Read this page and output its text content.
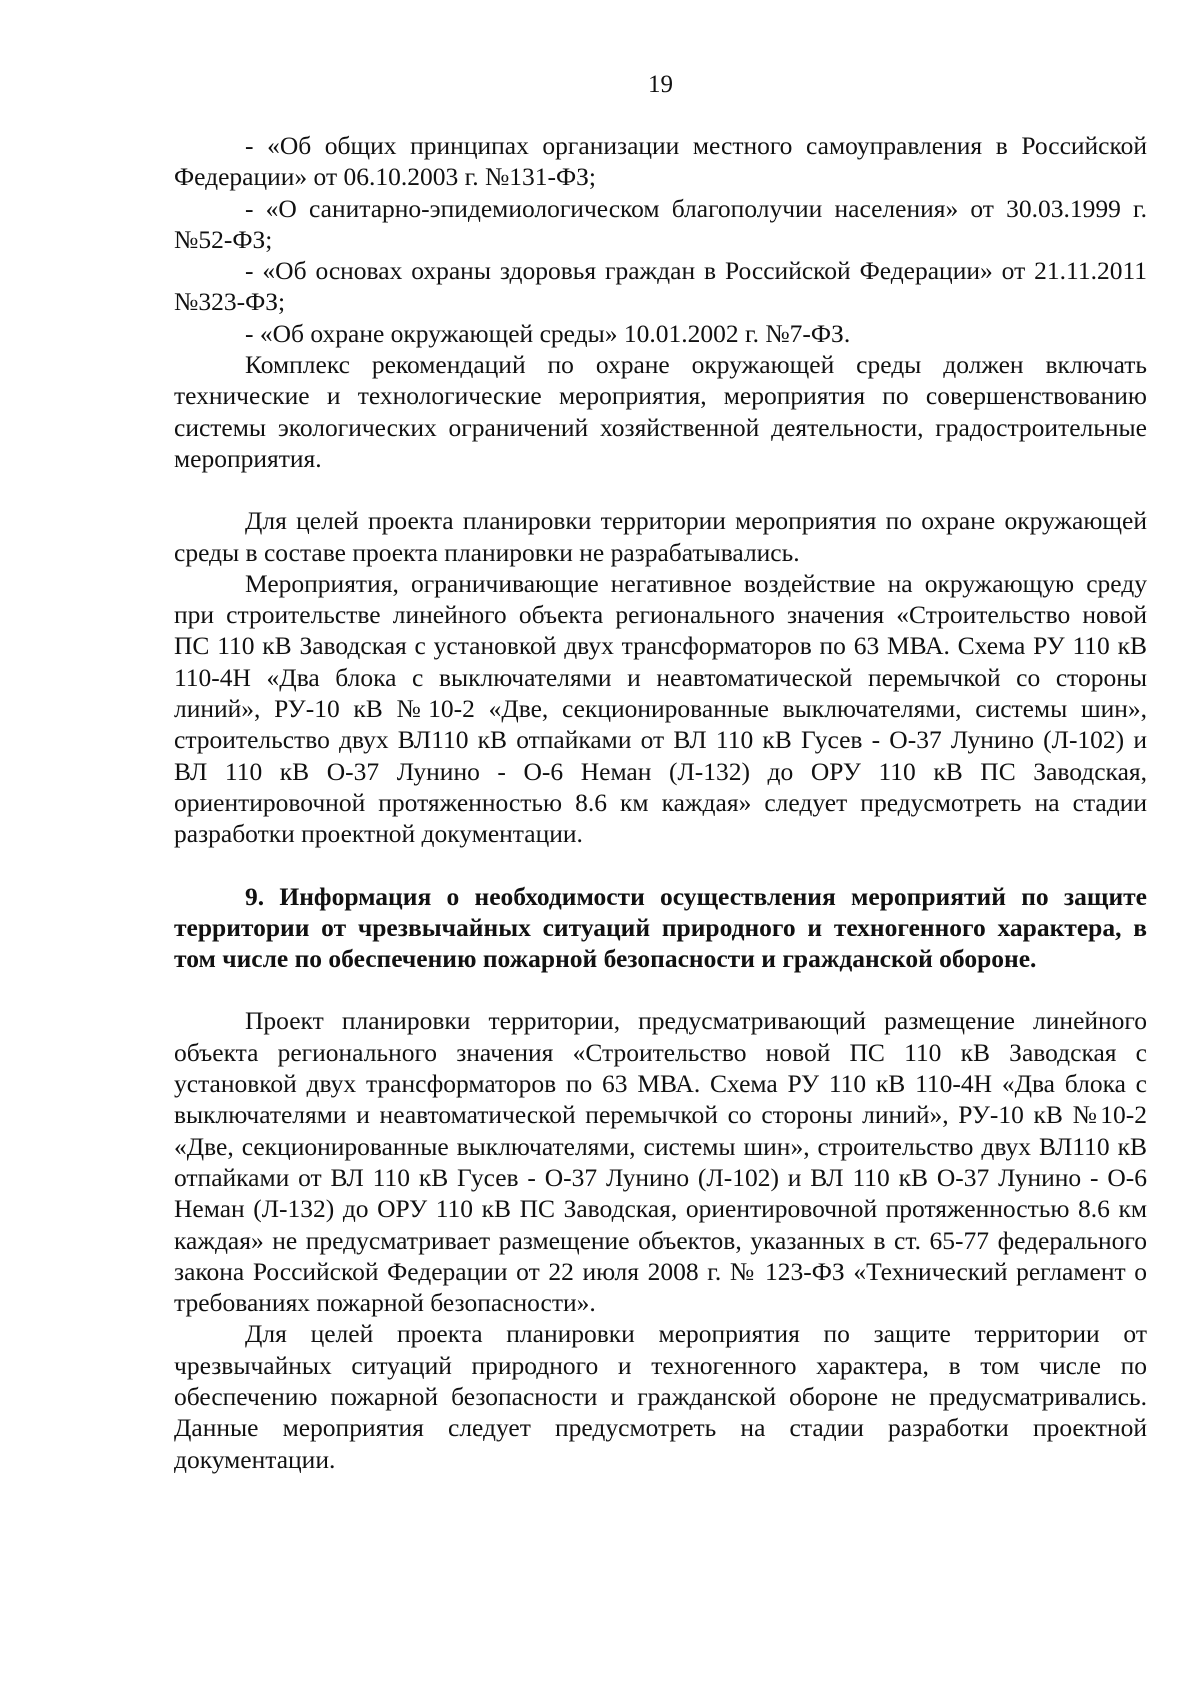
19

- «Об общих принципах организации местного самоуправления в Российской Федерации» от 06.10.2003 г. №131-ФЗ;

- «О санитарно-эпидемиологическом благополучии населения» от 30.03.1999 г. №52-ФЗ;

- «Об основах охраны здоровья граждан в Российской Федерации» от 21.11.2011 №323-ФЗ;

- «Об охране окружающей среды» 10.01.2002 г. №7-ФЗ.

Комплекс рекомендаций по охране окружающей среды должен включать технические и технологические мероприятия, мероприятия по совершенствованию системы экологических ограничений хозяйственной деятельности, градостроительные мероприятия.

Для целей проекта планировки территории мероприятия по охране окружающей среды в составе проекта планировки не разрабатывались.

Мероприятия, ограничивающие негативное воздействие на окружающую среду при строительстве линейного объекта регионального значения «Строительство новой ПС 110 кВ Заводская с установкой двух трансформаторов по 63 МВА. Схема РУ 110 кВ 110-4Н «Два блока с выключателями и неавтоматической перемычкой со стороны линий», РУ-10 кВ №10-2 «Две, секционированные выключателями, системы шин», строительство двух ВЛ110 кВ отпайками от ВЛ 110 кВ Гусев - О-37 Лунино (Л-102) и ВЛ 110 кВ О-37 Лунино - О-6 Неман (Л-132) до ОРУ 110 кВ ПС Заводская, ориентировочной протяженностью 8.6 км каждая» следует предусмотреть на стадии разработки проектной документации.

9. Информация о необходимости осуществления мероприятий по защите территории от чрезвычайных ситуаций природного и техногенного характера, в том числе по обеспечению пожарной безопасности и гражданской обороне.

Проект планировки территории, предусматривающий размещение линейного объекта регионального значения «Строительство новой ПС 110 кВ Заводская с установкой двух трансформаторов по 63 МВА. Схема РУ 110 кВ 110-4Н «Два блока с выключателями и неавтоматической перемычкой со стороны линий», РУ-10 кВ №10-2 «Две, секционированные выключателями, системы шин», строительство двух ВЛ110 кВ отпайками от ВЛ 110 кВ Гусев - О-37 Лунино (Л-102) и ВЛ 110 кВ О-37 Лунино - О-6 Неман (Л-132) до ОРУ 110 кВ ПС Заводская, ориентировочной протяженностью 8.6 км каждая» не предусматривает размещение объектов, указанных в ст. 65-77 федерального закона Российской Федерации от 22 июля 2008 г. № 123-ФЗ «Технический регламент о требованиях пожарной безопасности».

Для целей проекта планировки мероприятия по защите территории от чрезвычайных ситуаций природного и техногенного характера, в том числе по обеспечению пожарной безопасности и гражданской обороне не предусматривались. Данные мероприятия следует предусмотреть на стадии разработки проектной документации.
